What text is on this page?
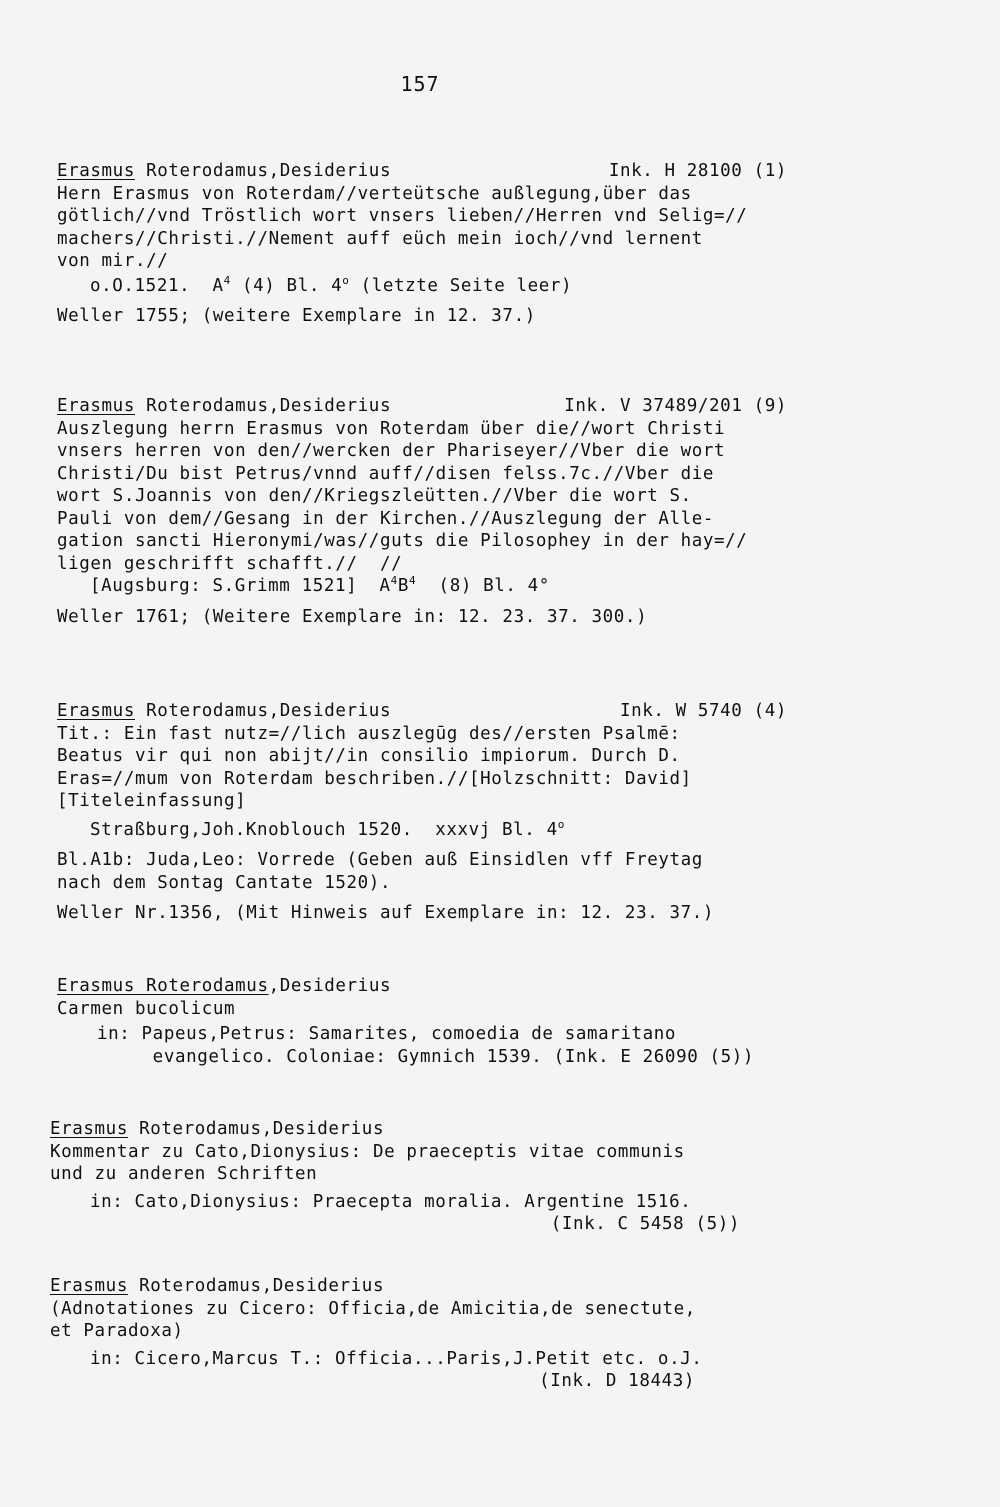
157
Erasmus Roterodamus,Desiderius	Ink. H 28100 (1)
Hern Erasmus von Roterdam//verteütsche außlegung,über das
götlich//vnd Tröstlich wort vnsers lieben//Herren vnd Selig=//
machers//Christi.//Nement auff eüch mein ioch//vnd lernent
von mir.//
o.O.1521.  $A^4$ (4) Bl. 4$^o$ (letzte Seite leer)
Weller 1755; (weitere Exemplare in 12. 37.)
Erasmus Roterodamus,Desiderius	Ink. V 37489/201 (9)
Auszlegung herrn Erasmus von Roterdam über die//wort Christi
vnsers herren von den//wercken der Phariseyer//Vber die wort
Christi/Du bist Petrus/vnnd auff//disen felss.7c.//Vber die
wort S.Joannis von den//Kriegszleütten.//Vber die wort S.
Pauli von dem//Gesang in der Kirchen.//Auszlegung der Alle-
gation sancti Hieronymi/was//guts die Pilosophey in der hay=//
ligen geschrifft schafft.//  //
[Augsburg: S.Grimm 1521]  $A^4B^4$  (8) Bl. 4°
Weller 1761; (Weitere Exemplare in: 12. 23. 37. 300.)
Erasmus Roterodamus,Desiderius	Ink. W 5740 (4)
Tit.: Ein fast nutz=//lich auszlegūg des//ersten Psalmē:
Beatus vir qui non abijt//in consilio impiorum. Durch D.
Eras=//mum von Roterdam beschriben.//[Holzschnitt: David]
[Titeleinfassung]
Straßburg,Joh.Knoblouch 1520.  xxxvj Bl. 4$^o$
Bl.A1b: Juda,Leo: Vorrede (Geben auß Einsidlen vff Freytag
nach dem Sontag Cantate 1520).
Weller Nr.1356, (Mit Hinweis auf Exemplare in: 12. 23. 37.)
Erasmus Roterodamus,Desiderius
Carmen bucolicum
in: Papeus,Petrus: Samarites, comoedia de samaritano
evangelico. Coloniae: Gymnich 1539. (Ink. E 26090 (5))
Erasmus Roterodamus,Desiderius
Kommentar zu Cato,Dionysius: De praeceptis vitae communis
und zu anderen Schriften
in: Cato,Dionysius: Praecepta moralia. Argentine 1516.
(Ink. C 5458 (5))
Erasmus Roterodamus,Desiderius
(Adnotationes zu Cicero: Officia,de Amicitia,de senectute,
et Paradoxa)
in: Cicero,Marcus T.: Officia...Paris,J.Petit etc. o.J.
(Ink. D 18443)
